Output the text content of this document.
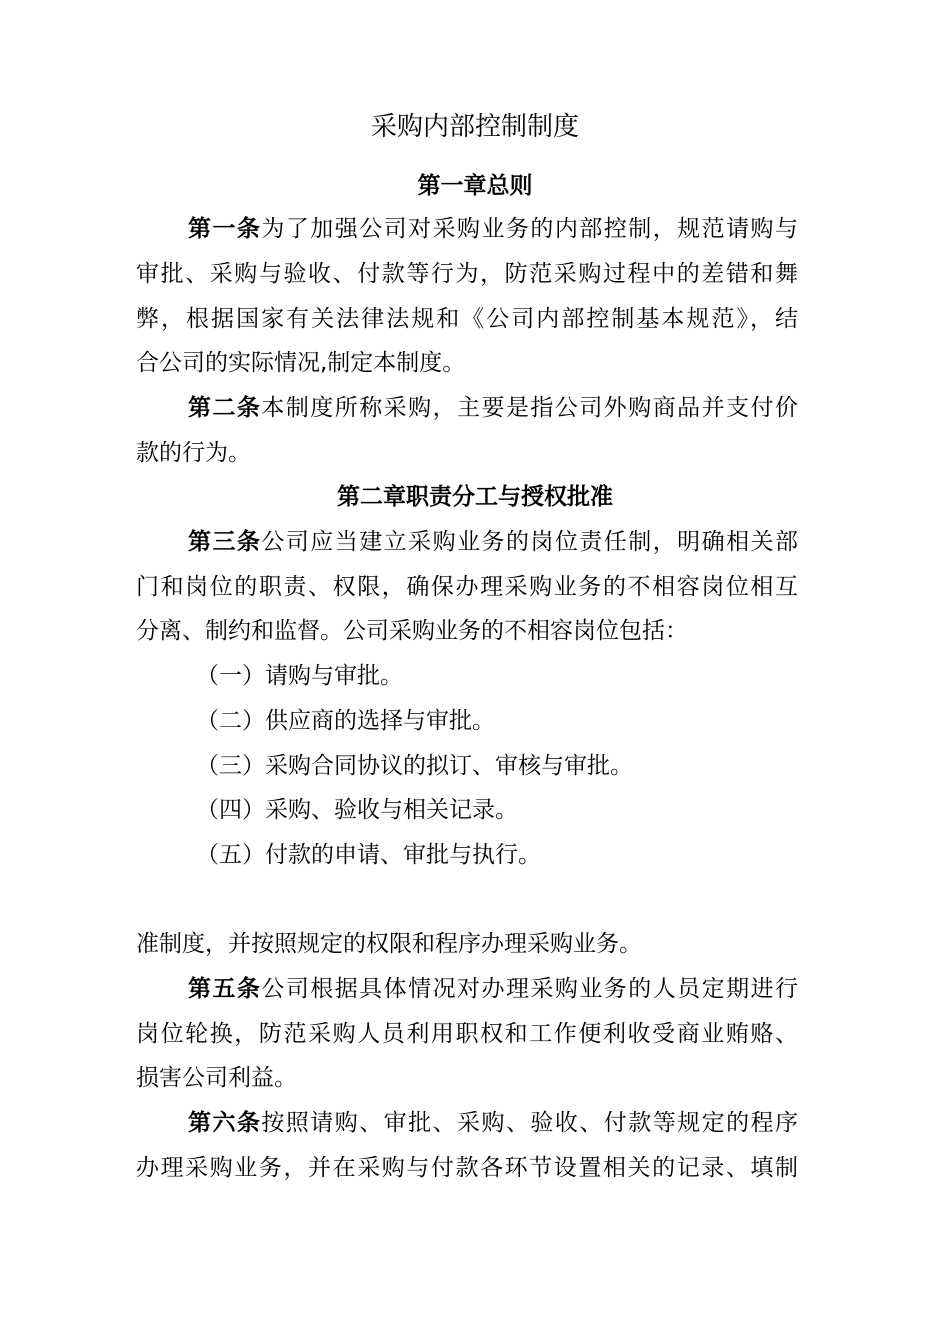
采购内部控制制度
第一章总则
第一条为了加强公司对采购业务的内部控制，规范请购与
审批、采购与验收、付款等行为，防范采购过程中的差错和舞
弊，根据国家有关法律法规和《公司内部控制基本规范》，结
合公司的实际情况,制定本制度。
第二条本制度所称采购，主要是指公司外购商品并支付价
款的行为。
第二章职责分工与授权批准
第三条公司应当建立采购业务的岗位责任制，明确相关部
门和岗位的职责、权限，确保办理采购业务的不相容岗位相互
分离、制约和监督。公司采购业务的不相容岗位包括：
（一）请购与审批。
（二）供应商的选择与审批。
（三）采购合同协议的拟订、审核与审批。
（四）采购、验收与相关记录。
（五）付款的申请、审批与执行。
准制度，并按照规定的权限和程序办理采购业务。
第五条公司根据具体情况对办理采购业务的人员定期进行
岗位轮换，防范采购人员利用职权和工作便利收受商业贿赂、
损害公司利益。
第六条按照请购、审批、采购、验收、付款等规定的程序
办理采购业务，并在采购与付款各环节设置相关的记录、填制
